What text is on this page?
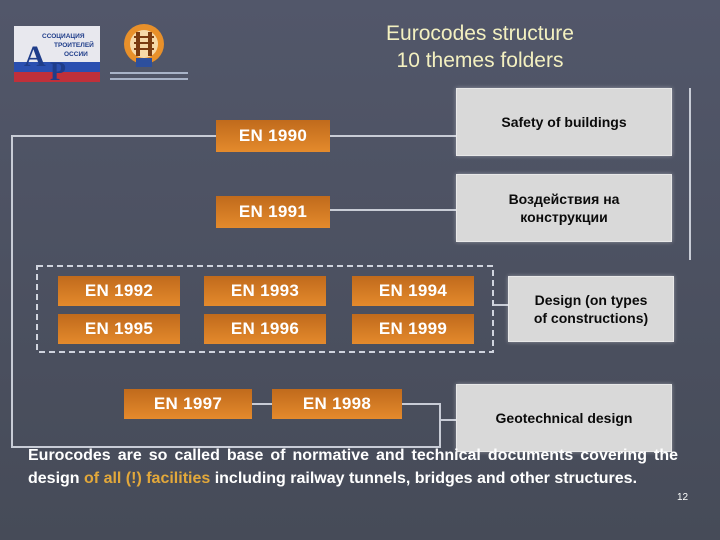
A P
ССОЦИАЦИЯ
ТРОИТЕЛЕЙ
ОССИИ
Eurocodes structure
10 themes folders
EN 1990
EN 1991
EN 1992	EN 1993	EN 1994
EN 1995	EN 1996	EN 1999
EN 1997	EN 1998
Safety of buildings
Воздействия на
конструкции
Design (on types
of constructions)
Geotechnical design
Eurocodes are so called base of normative and technical documents covering the design of all (!) facilities including railway tunnels, bridges and other structures.
12
